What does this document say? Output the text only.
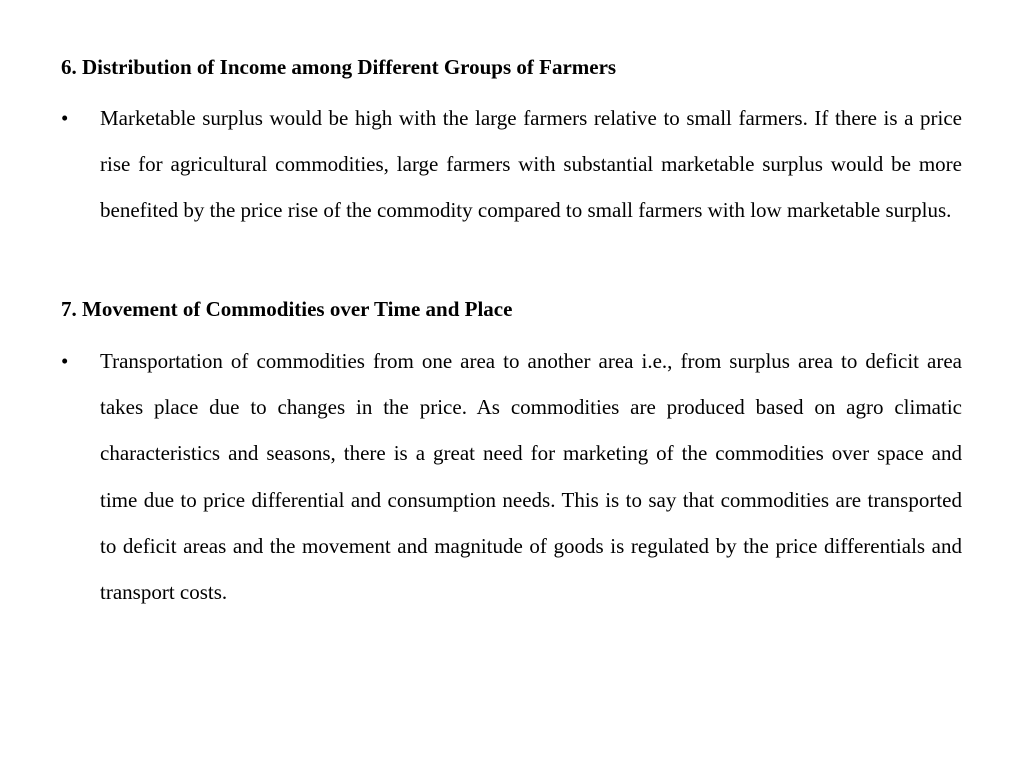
6. Distribution of Income among Different Groups of Farmers
• Marketable surplus would be high with the large farmers relative to small farmers. If there is a price rise for agricultural commodities, large farmers with substantial marketable surplus would be more benefited by the price rise of the commodity compared to small farmers with low marketable surplus.
7. Movement of Commodities over Time and Place
• Transportation of commodities from one area to another area i.e., from surplus area to deficit area takes place due to changes in the price. As commodities are produced based on agro climatic characteristics and seasons, there is a great need for marketing of the commodities over space and time due to price differential and consumption needs. This is to say that commodities are transported to deficit areas and the movement and magnitude of goods is regulated by the price differentials and transport costs.
